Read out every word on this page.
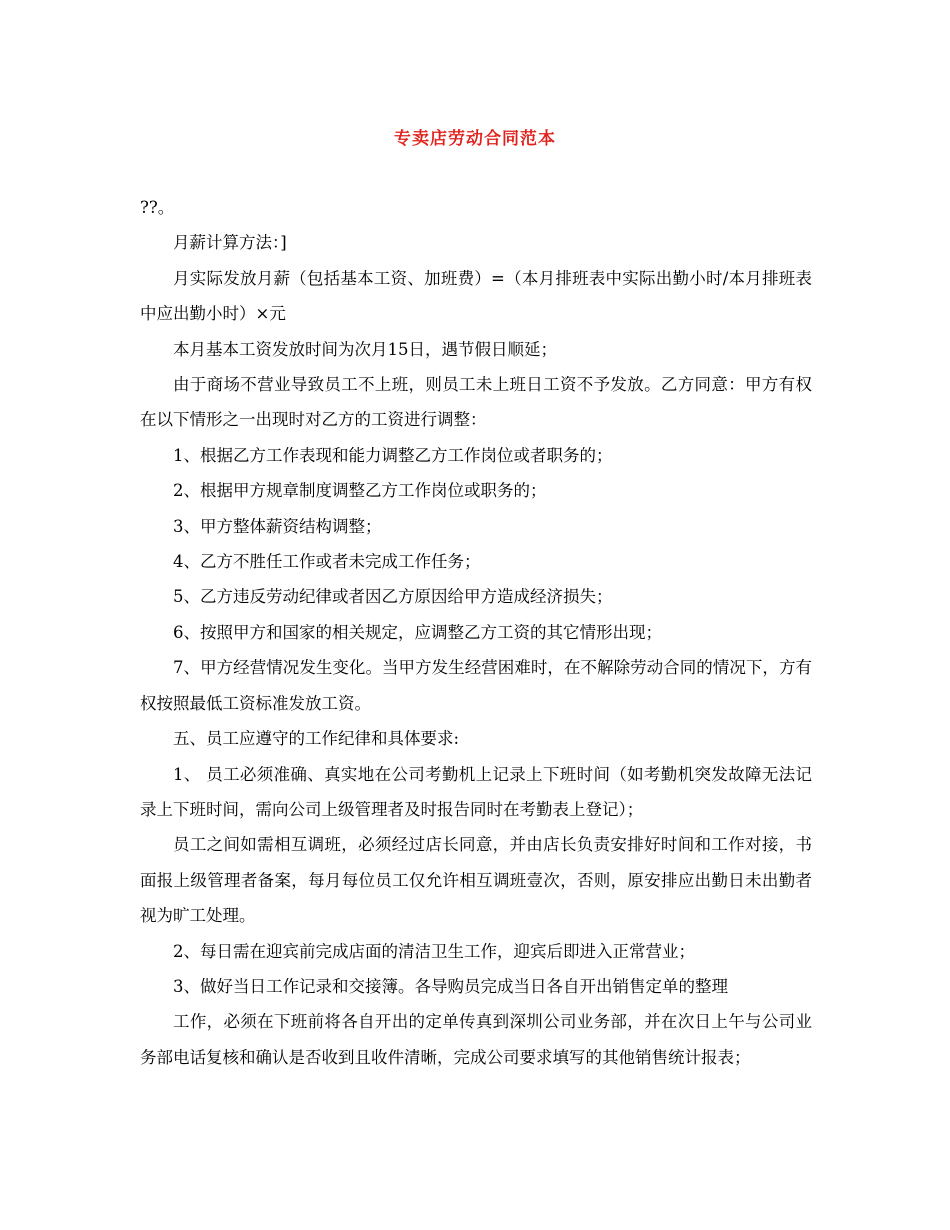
专卖店劳动合同范本

??。

月薪计算方法：]

月实际发放月薪（包括基本工资、加班费）=（本月排班表中实际出勤小时/本月排班表中应出勤小时）×元

本月基本工资发放时间为次月15日，遇节假日顺延；

由于商场不营业导致员工不上班，则员工未上班日工资不予发放。乙方同意：甲方有权在以下情形之一出现时对乙方的工资进行调整：

1、根据乙方工作表现和能力调整乙方工作岗位或者职务的；

2、根据甲方规章制度调整乙方工作岗位或职务的；

3、甲方整体薪资结构调整；

4、乙方不胜任工作或者未完成工作任务；

5、乙方违反劳动纪律或者因乙方原因给甲方造成经济损失；

6、按照甲方和国家的相关规定，应调整乙方工资的其它情形出现；

7、甲方经营情况发生变化。当甲方发生经营困难时，在不解除劳动合同的情况下，方有权按照最低工资标准发放工资。

五、员工应遵守的工作纪律和具体要求:

1、 员工必须准确、真实地在公司考勤机上记录上下班时间（如考勤机突发故障无法记录上下班时间，需向公司上级管理者及时报告同时在考勤表上登记）；

员工之间如需相互调班，必须经过店长同意，并由店长负责安排好时间和工作对接，书面报上级管理者备案，每月每位员工仅允许相互调班壹次，否则，原安排应出勤日未出勤者视为旷工处理。

2、每日需在迎宾前完成店面的清洁卫生工作，迎宾后即进入正常营业；

3、做好当日工作记录和交接簿。各导购员完成当日各自开出销售定单的整理

工作，必须在下班前将各自开出的定单传真到深圳公司业务部，并在次日上午与公司业务部电话复核和确认是否收到且收件清晰，完成公司要求填写的其他销售统计报表；
